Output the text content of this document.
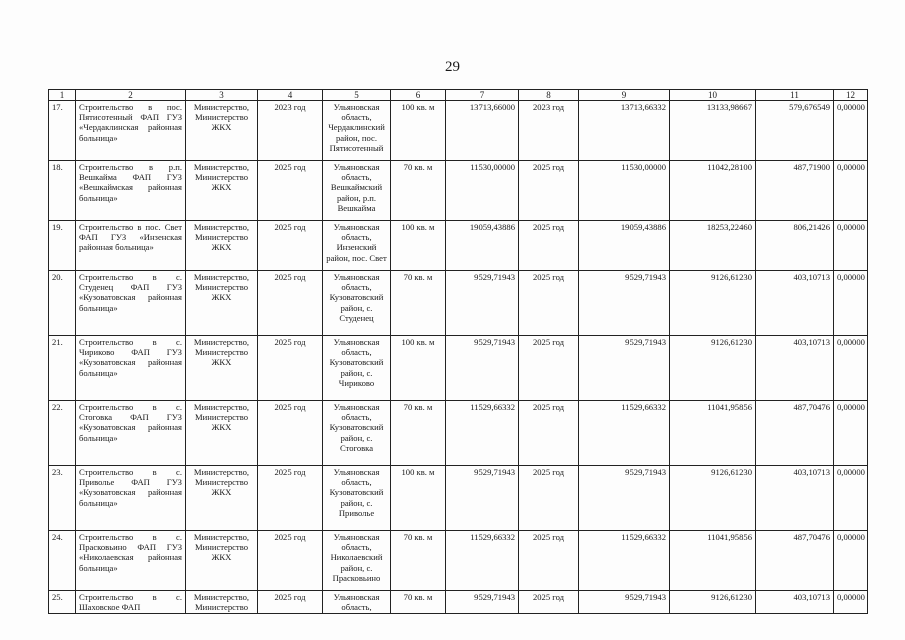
29
1	2	3	4	5	6	7	8	9	10	11	12
17.	Строительство в пос. Пятисотенный ФАП ГУЗ «Чердаклинская районная больница»	Министерство, Министерство ЖКХ	2023 год	Ульяновская область, Чердаклинский район, пос. Пятисотенный	100 кв. м	13713,66000	2023 год	13713,66332	13133,98667	579,676549	0,00000
18.	Строительство в р.п. Вешкайма ФАП ГУЗ «Вешкаймская районная больница»	Министерство, Министерство ЖКХ	2025 год	Ульяновская область, Вешкаймский район, р.п. Вешкайма	70 кв. м	11530,00000	2025 год	11530,00000	11042,28100	487,71900	0,00000
19.	Строительство в пос. Свет ФАП ГУЗ «Инзенская районная больница»	Министерство, Министерство ЖКХ	2025 год	Ульяновская область, Инзенский район, пос. Свет	100 кв. м	19059,43886	2025 год	19059,43886	18253,22460	806,21426	0,00000
20.	Строительство в с. Студенец ФАП ГУЗ «Кузоватовская районная больница»	Министерство, Министерство ЖКХ	2025 год	Ульяновская область, Кузоватовский район, с. Студенец	70 кв. м	9529,71943	2025 год	9529,71943	9126,61230	403,10713	0,00000
21.	Строительство в с. Чириково ФАП ГУЗ «Кузоватовская районная больница»	Министерство, Министерство ЖКХ	2025 год	Ульяновская область, Кузоватовский район, с. Чириково	100 кв. м	9529,71943	2025 год	9529,71943	9126,61230	403,10713	0,00000
22.	Строительство в с. Стоговка ФАП ГУЗ «Кузоватовская районная больница»	Министерство, Министерство ЖКХ	2025 год	Ульяновская область, Кузоватовский район, с. Стоговка	70 кв. м	11529,66332	2025 год	11529,66332	11041,95856	487,70476	0,00000
23.	Строительство в с. Приволье ФАП ГУЗ «Кузоватовская районная больница»	Министерство, Министерство ЖКХ	2025 год	Ульяновская область, Кузоватовский район, с. Приволье	100 кв. м	9529,71943	2025 год	9529,71943	9126,61230	403,10713	0,00000
24.	Строительство в с. Прасковьино ФАП ГУЗ «Николаевская районная больница»	Министерство, Министерство ЖКХ	2025 год	Ульяновская область, Николаевский район, с. Прасковьино	70 кв. м	11529,66332	2025 год	11529,66332	11041,95856	487,70476	0,00000
25.	Строительство в с. Шаховское ФАП	Министерство, Министерство	2025 год	Ульяновская область,	70 кв. м	9529,71943	2025 год	9529,71943	9126,61230	403,10713	0,00000
